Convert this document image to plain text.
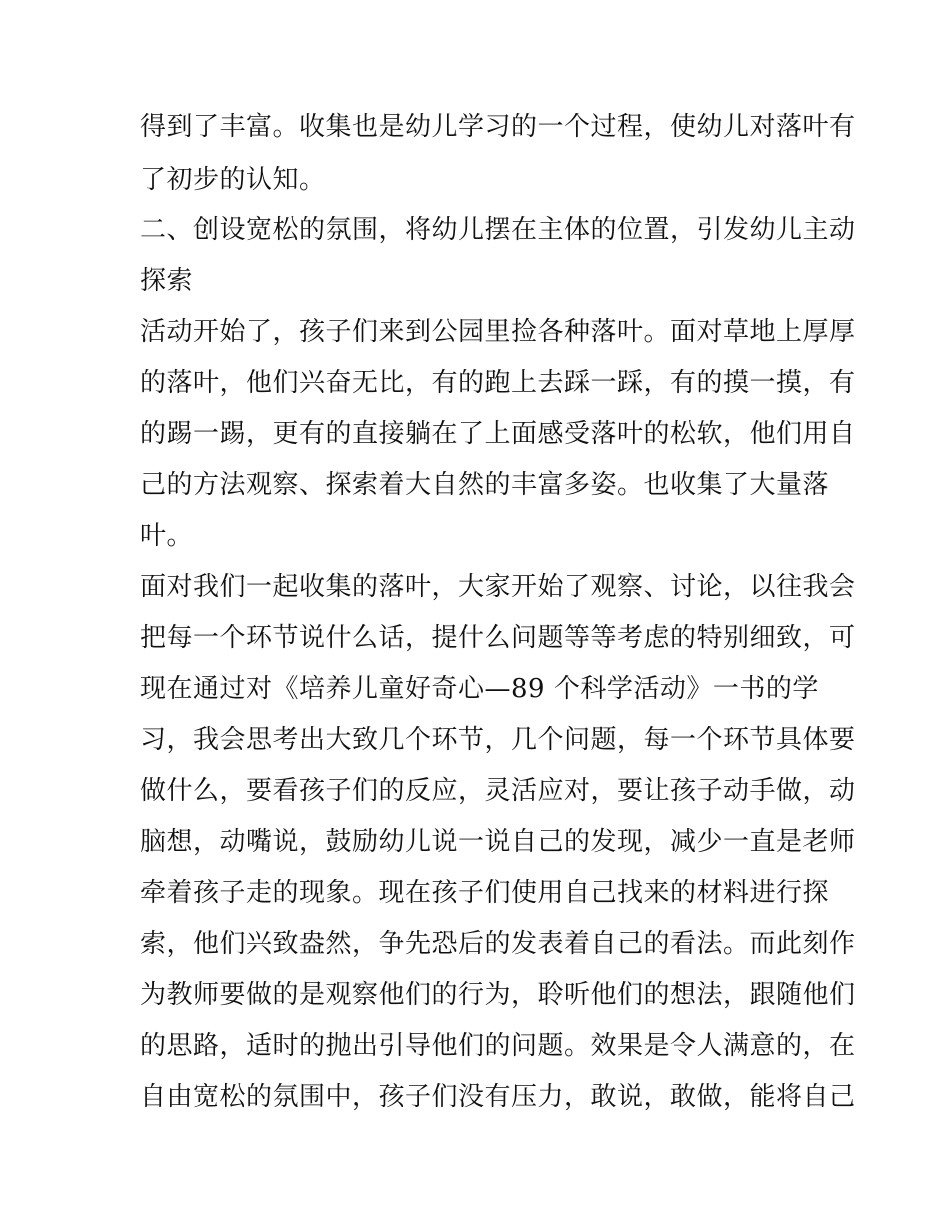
得到了丰富。收集也是幼儿学习的一个过程，使幼儿对落叶有
了初步的认知。
二、创设宽松的氛围，将幼儿摆在主体的位置，引发幼儿主动
探索
活动开始了，孩子们来到公园里捡各种落叶。面对草地上厚厚
的落叶，他们兴奋无比，有的跑上去踩一踩，有的摸一摸，有
的踢一踢，更有的直接躺在了上面感受落叶的松软，他们用自
己的方法观察、探索着大自然的丰富多姿。也收集了大量落
叶。
面对我们一起收集的落叶，大家开始了观察、讨论，以往我会
把每一个环节说什么话，提什么问题等等考虑的特别细致，可
现在通过对《培养儿童好奇心—89 个科学活动》一书的学
习，我会思考出大致几个环节，几个问题，每一个环节具体要
做什么，要看孩子们的反应，灵活应对，要让孩子动手做，动
脑想，动嘴说，鼓励幼儿说一说自己的发现，减少一直是老师
牵着孩子走的现象。现在孩子们使用自己找来的材料进行探
索，他们兴致盎然，争先恐后的发表着自己的看法。而此刻作
为教师要做的是观察他们的行为，聆听他们的想法，跟随他们
的思路，适时的抛出引导他们的问题。效果是令人满意的，在
自由宽松的氛围中，孩子们没有压力，敢说，敢做，能将自己
